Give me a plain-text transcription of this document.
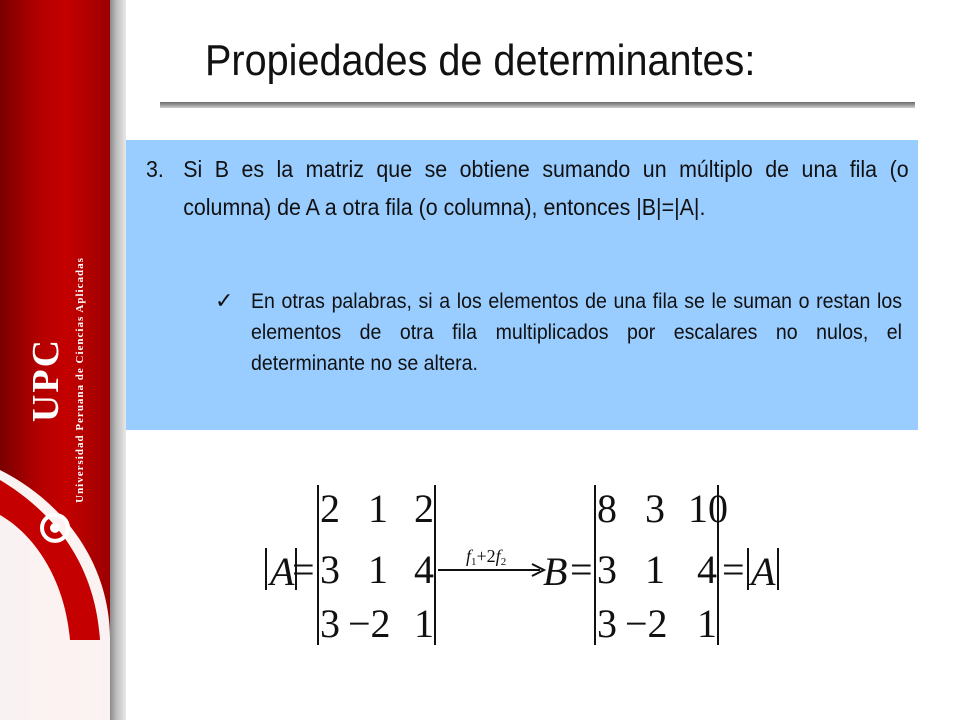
UPC Universidad Peruana de Ciencias Aplicadas
Propiedades de determinantes:
3. Si B es la matriz que se obtiene sumando un múltiplo de una fila (o columna) de A a otra fila (o columna), entonces |B|=|A|.
✓ En otras palabras, si a los elementos de una fila se le suman o restan los elementos de otra fila multiplicados por escalares no nulos, el determinante no se altera.
A
=
2 1 2
3 1 4
3 −2 1
f1+2f2 B =
8 3 10
3 1 4
3 −2 1
= A
